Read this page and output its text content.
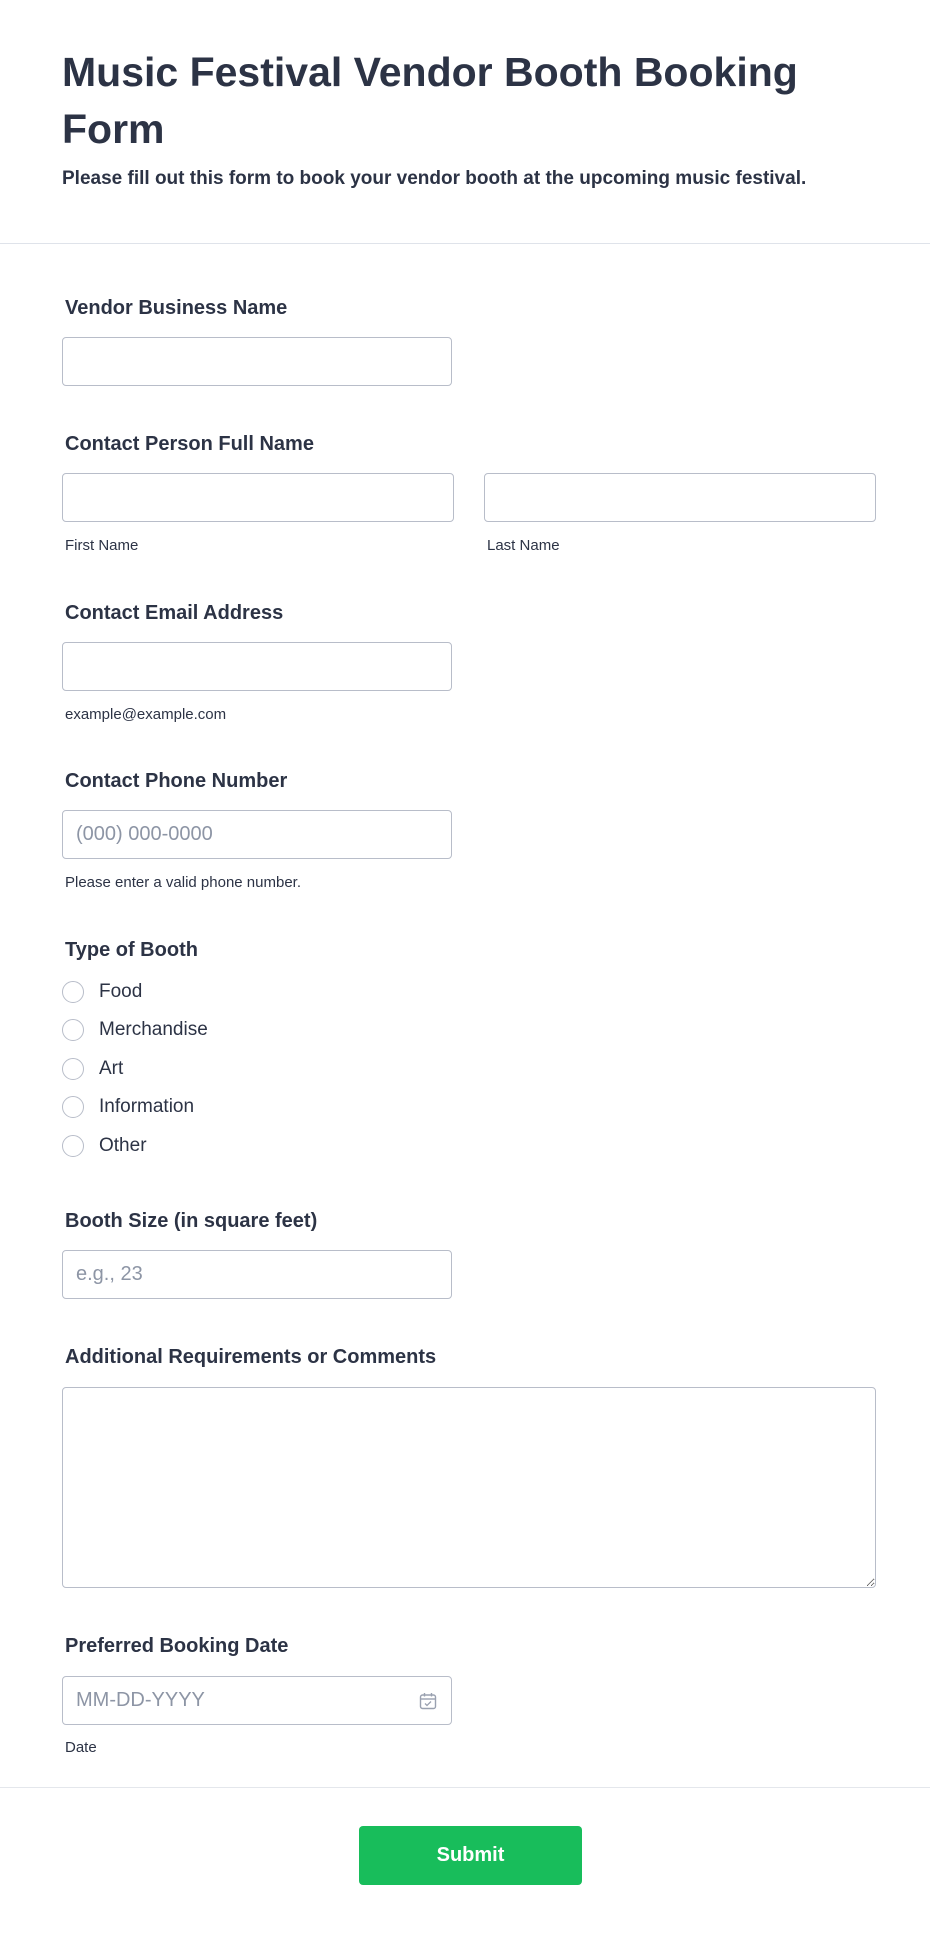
Music Festival Vendor Booth Booking Form

Please fill out this form to book your vendor booth at the upcoming music festival.

Vendor Business Name
Contact Person Full Name
First Name	Last Name
Contact Email Address
example@example.com
Contact Phone Number
(000) 000-0000
Please enter a valid phone number.
Type of Booth
Food
Merchandise
Art
Information
Other
Booth Size (in square feet)
e.g., 23
Additional Requirements or Comments
Preferred Booking Date
MM-DD-YYYY
Date
Submit
